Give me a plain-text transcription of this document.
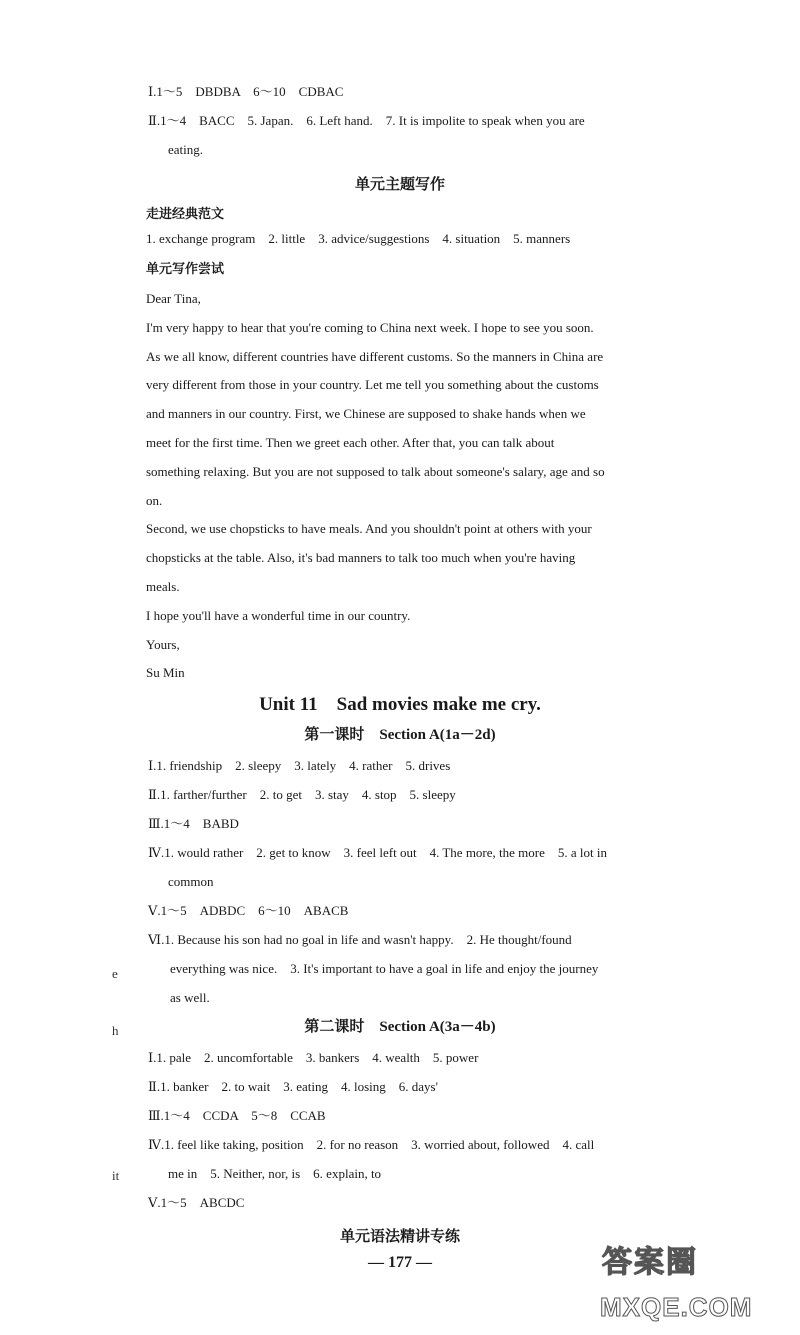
Ⅰ.1～5　DBDBA　6～10　CDBAC
Ⅱ.1～4　BACC　5. Japan.　6. Left hand.　7. It is impolite to speak when you are
eating.
单元主题写作
走进经典范文
1. exchange program　2. little　3. advice/suggestions　4. situation　5. manners
单元写作尝试
Dear Tina,
I'm very happy to hear that you're coming to China next week. I hope to see you soon.
As we all know, different countries have different customs. So the manners in China are
very different from those in your country. Let me tell you something about the customs
and manners in our country. First, we Chinese are supposed to shake hands when we
meet for the first time. Then we greet each other. After that, you can talk about
something relaxing. But you are not supposed to talk about someone's salary, age and so
on.
Second, we use chopsticks to have meals. And you shouldn't point at others with your
chopsticks at the table. Also, it's bad manners to talk too much when you're having
meals.
I hope you'll have a wonderful time in our country.
Yours,
Su Min
Unit 11　Sad movies make me cry.
第一课时　Section A(1a－2d)
Ⅰ.1. friendship　2. sleepy　3. lately　4. rather　5. drives
Ⅱ.1. farther/further　2. to get　3. stay　4. stop　5. sleepy
Ⅲ.1～4　BABD
Ⅳ.1. would rather　2. get to know　3. feel left out　4. The more, the more　5. a lot in
common
Ⅴ.1～5　ADBDC　6～10　ABACB
Ⅵ.1. Because his son had no goal in life and wasn't happy.　2. He thought/found
everything was nice.　3. It's important to have a goal in life and enjoy the journey
as well.
第二课时　Section A(3a－4b)
Ⅰ.1. pale　2. uncomfortable　3. bankers　4. wealth　5. power
Ⅱ.1. banker　2. to wait　3. eating　4. losing　6. days'
Ⅲ.1～4　CCDA　5～8　CCAB
Ⅳ.1. feel like taking, position　2. for no reason　3. worried about, followed　4. call
me in　5. Neither, nor, is　6. explain, to
Ⅴ.1～5　ABCDC
单元语法精讲专练
— 177 —
e
h
it
答案圈
MXQE.COM
